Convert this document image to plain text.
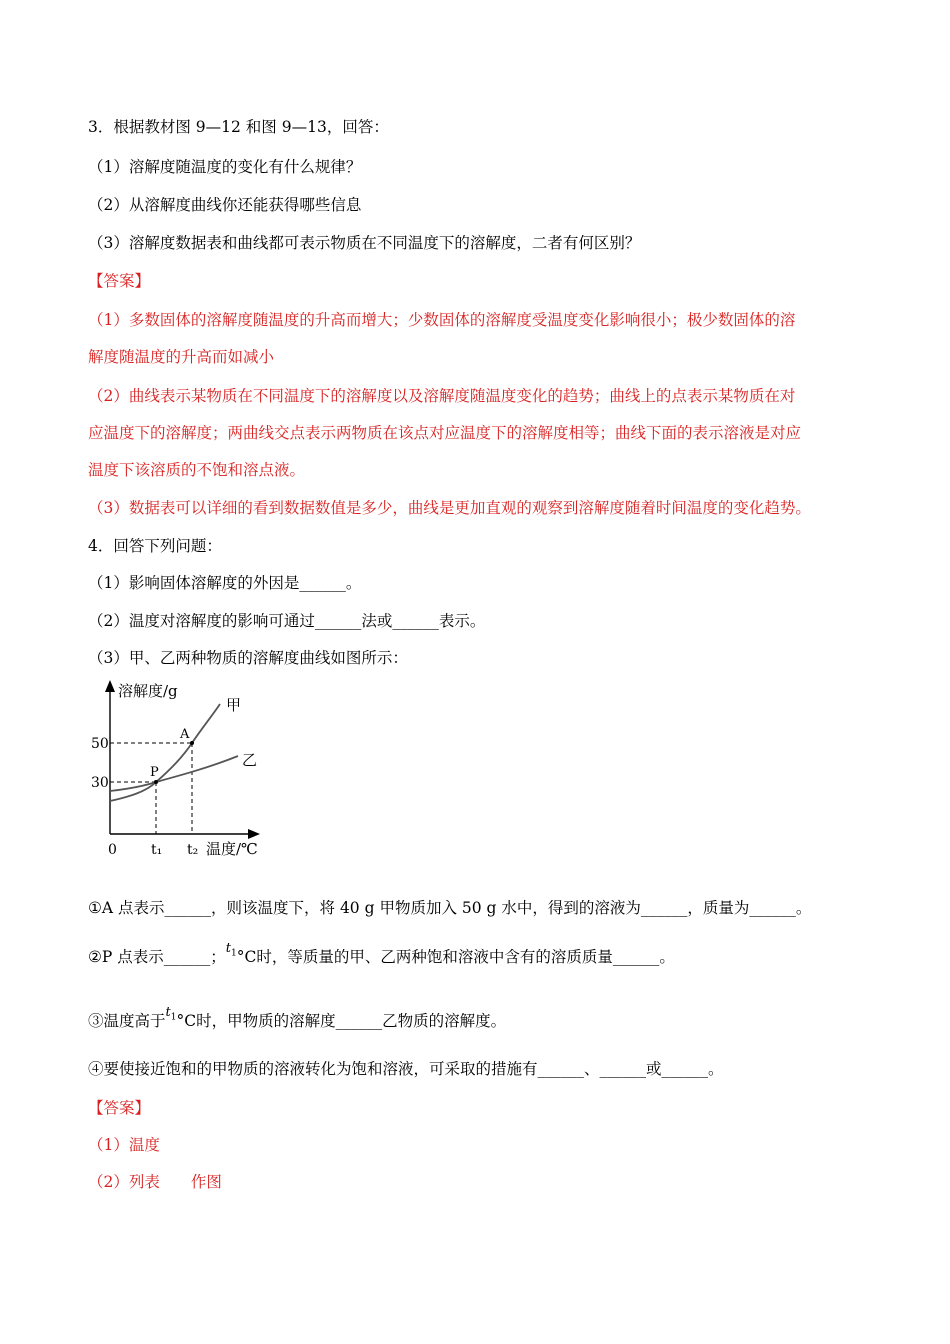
3．根据教材图 9—12 和图 9—13，回答：
（1）溶解度随温度的变化有什么规律？
（2）从溶解度曲线你还能获得哪些信息
（3）溶解度数据表和曲线都可表示物质在不同温度下的溶解度，二者有何区别？
【答案】
（1）多数固体的溶解度随温度的升高而增大；少数固体的溶解度受温度变化影响很小；极少数固体的溶
解度随温度的升高而如减小
（2）曲线表示某物质在不同温度下的溶解度以及溶解度随温度变化的趋势；曲线上的点表示某物质在对
应温度下的溶解度；两曲线交点表示两物质在该点对应温度下的溶解度相等；曲线下面的表示溶液是对应
温度下该溶质的不饱和溶点液。
（3）数据表可以详细的看到数据数值是多少，曲线是更加直观的观察到溶解度随着时间温度的变化趋势。
4．回答下列问题：
（1）影响固体溶解度的外因是______。
（2）温度对溶解度的影响可通过______法或______表示。
（3）甲、乙两种物质的溶解度曲线如图所示：
溶解度/g
甲
乙
A
P
50
30
0 t₁ t₂ 温度/℃
①A 点表示______，则该温度下，将 40 g 甲物质加入 50 g 水中，得到的溶液为______，质量为______。
②P 点表示______；$^{t_1}$°C时，等质量的甲、乙两种饱和溶液中含有的溶质质量______。
③温度高于$^{t_1}$°C时，甲物质的溶解度______乙物质的溶解度。
④要使接近饱和的甲物质的溶液转化为饱和溶液，可采取的措施有______、______或______。
【答案】
（1）温度
（2）列表　　作图
